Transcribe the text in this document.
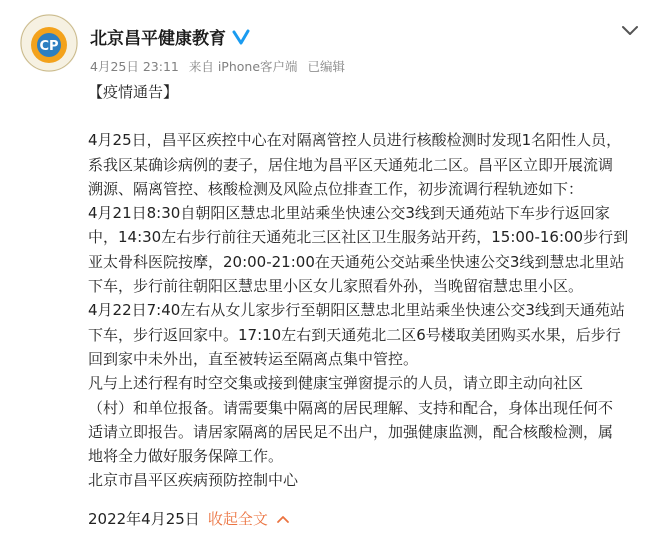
CP 北京昌平健康教育
4月25日 23:11 来自 iPhone客户端 已编辑

【疫情通告】

4月25日，昌平区疾控中心在对隔离管控人员进行核酸检测时发现1名阳性人员，

系我区某确诊病例的妻子，居住地为昌平区天通苑北二区。昌平区立即开展流调

溯源、隔离管控、核酸检测及风险点位排查工作，初步流调行程轨迹如下：

4月21日8:30自朝阳区慧忠北里站乘坐快速公交3线到天通苑站下车步行返回家

中，14:30左右步行前往天通苑北三区社区卫生服务站开药，15:00-16:00步行到

亚太骨科医院按摩，20:00-21:00在天通苑公交站乘坐快速公交3线到慧忠北里站

下车，步行前往朝阳区慧忠里小区女儿家照看外孙，当晚留宿慧忠里小区。

4月22日7:40左右从女儿家步行至朝阳区慧忠北里站乘坐快速公交3线到天通苑站

下车，步行返回家中。17:10左右到天通苑北二区6号楼取美团购买水果，后步行

回到家中未外出，直至被转运至隔离点集中管控。

凡与上述行程有时空交集或接到健康宝弹窗提示的人员，请立即主动向社区

（村）和单位报备。请需要集中隔离的居民理解、支持和配合，身体出现任何不

适请立即报告。请居家隔离的居民足不出户，加强健康监测，配合核酸检测，属

地将全力做好服务保障工作。

北京市昌平区疾病预防控制中心

2022年4月25日 收起全文
